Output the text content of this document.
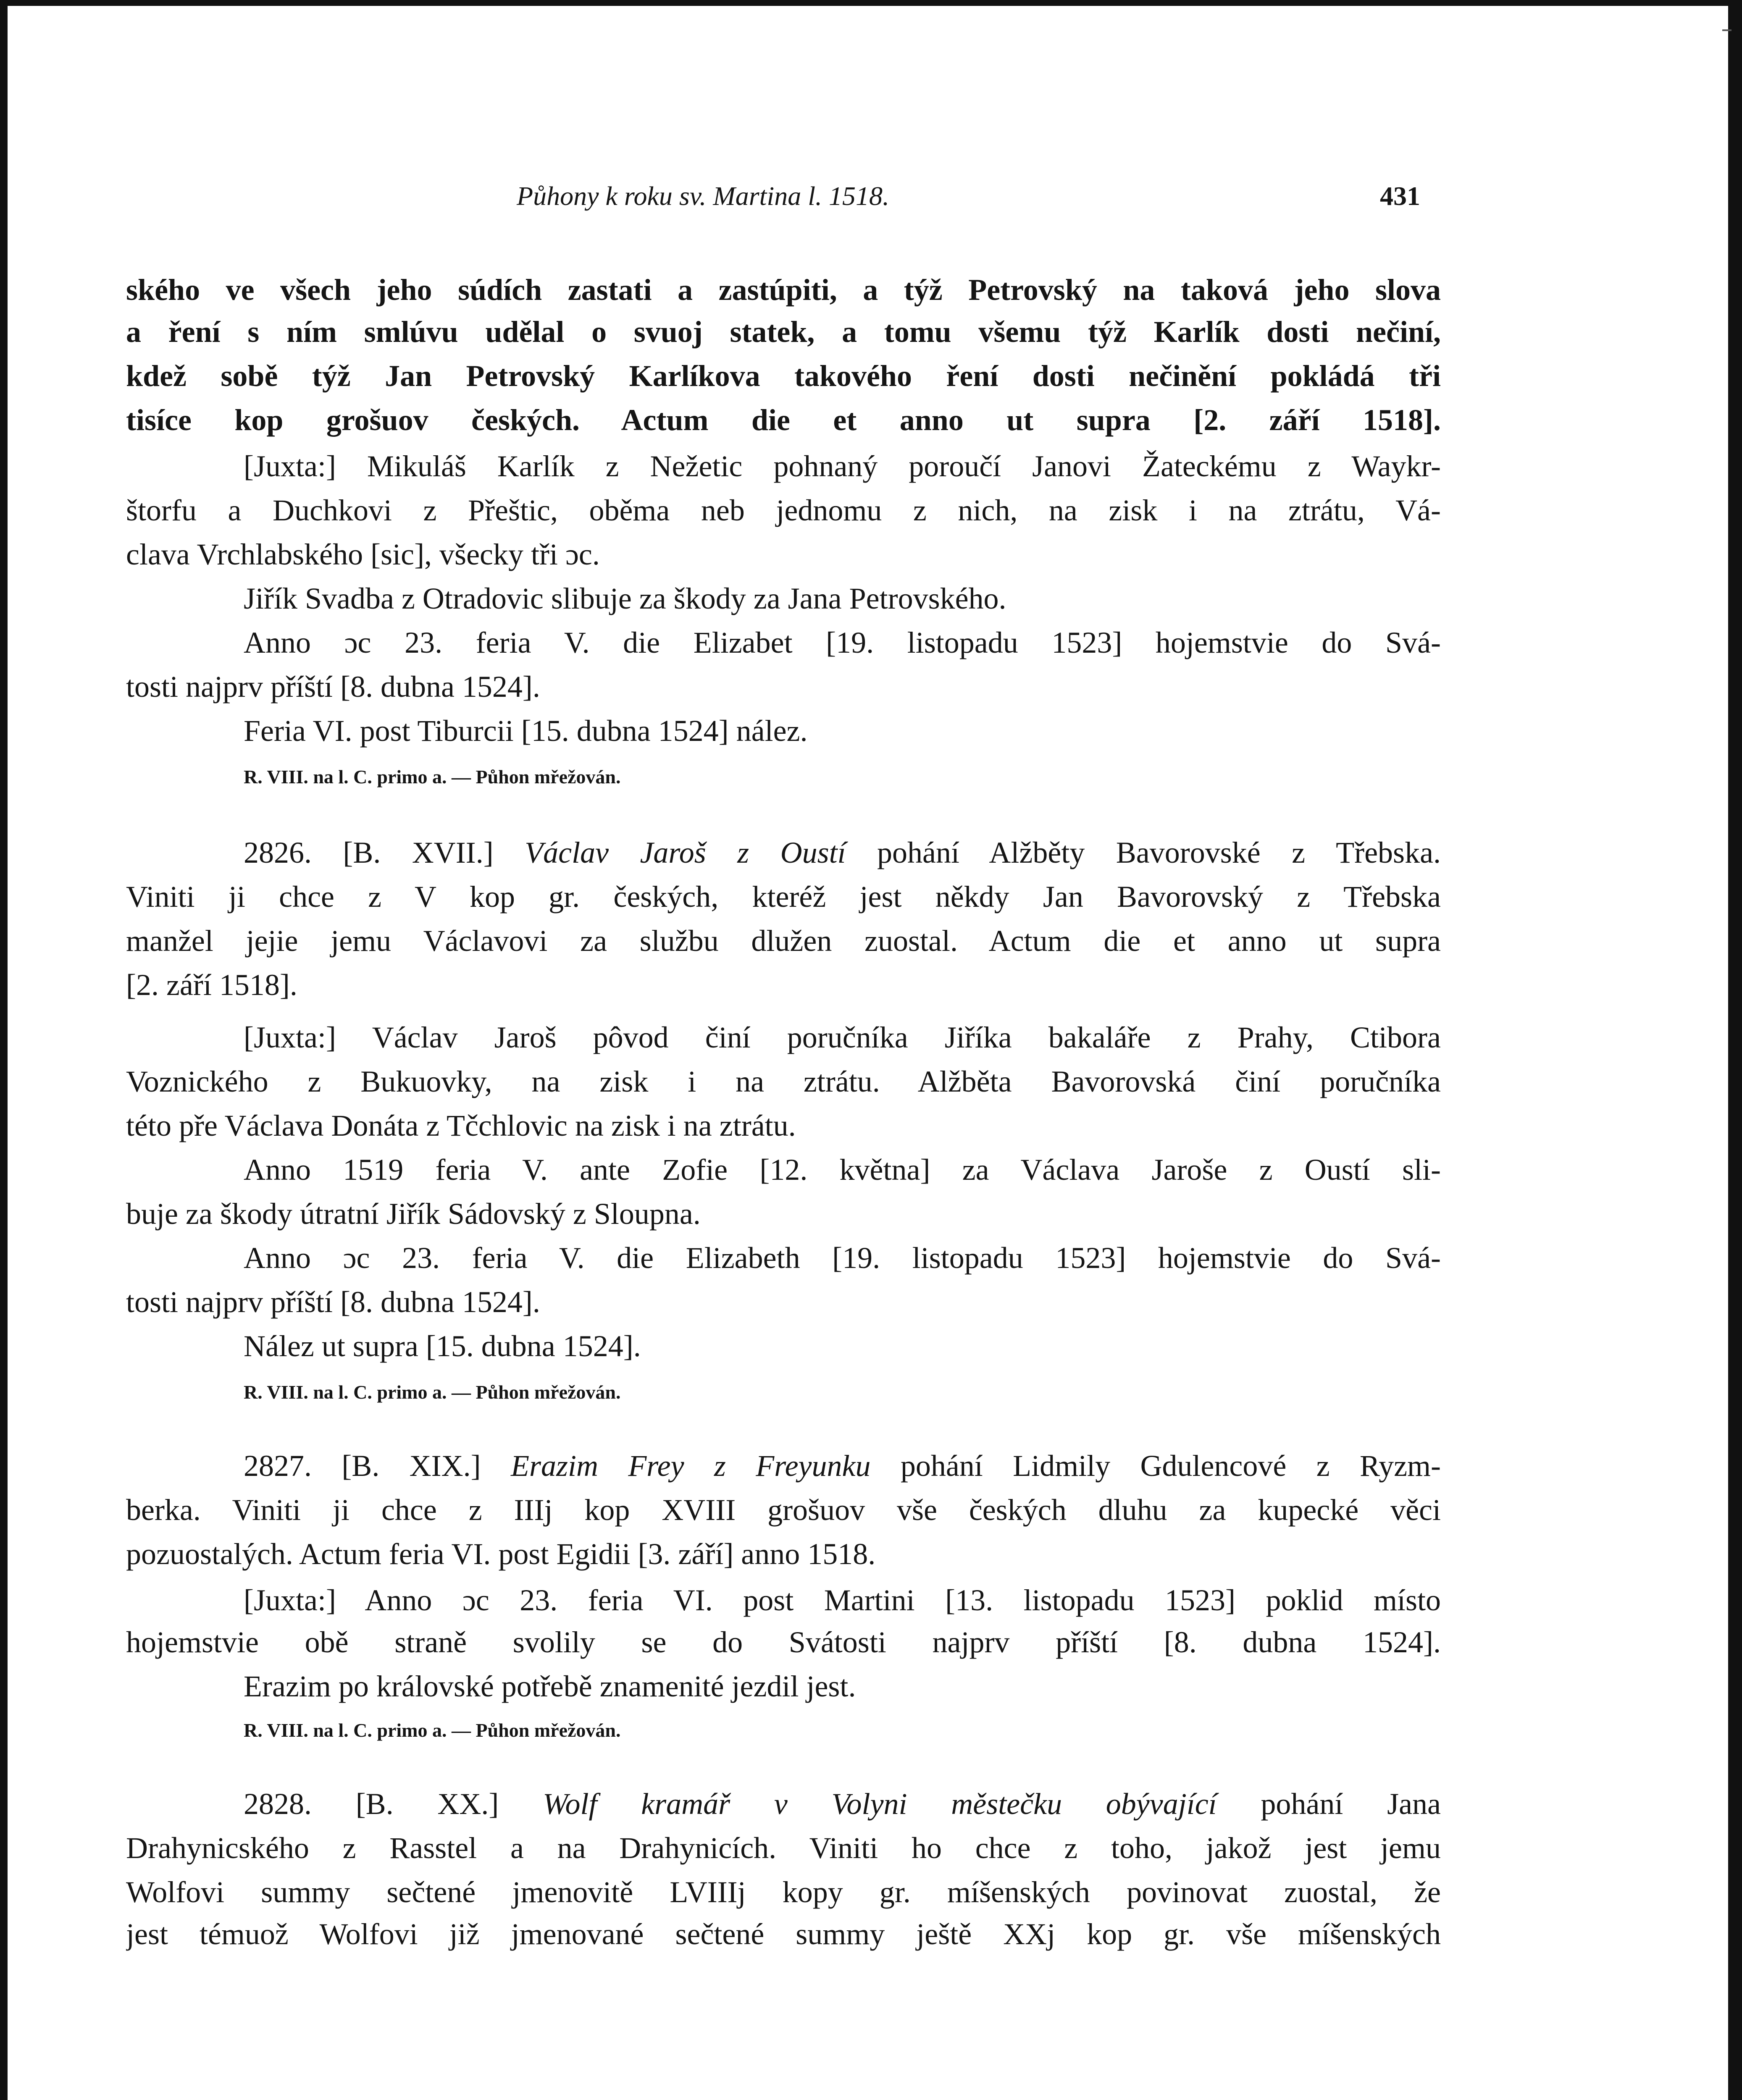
Půhony k roku sv. Martina l. 1518.	431
ského ve všech jeho súdích zastati a zastúpiti, a týž Petrovský na taková jeho slova
a ření s ním smlúvu udělal o svuoj statek, a tomu všemu týž Karlík dosti nečiní,
kdež sobě týž Jan Petrovský Karlíkova takového ření dosti nečinění pokládá tři
tisíce kop grošuov českých. Actum die et anno ut supra [2. září 1518].
[Juxta:] Mikuláš Karlík z Nežetic pohnaný poroučí Janovi Žateckému z Waykr-
štorfu a Duchkovi z Přeštic, oběma neb jednomu z nich, na zisk i na ztrátu, Vá-
clava Vrchlabského [sic], všecky tři ɔc.
Jiřík Svadba z Otradovic slibuje za škody za Jana Petrovského.
Anno ɔc 23. feria V. die Elizabet [19. listopadu 1523] hojemstvie do Svá-
tosti najprv příští [8. dubna 1524].
Feria VI. post Tiburcii [15. dubna 1524] nález.
R. VIII. na l. C. primo a. — Půhon mřežován.
2826. [B. XVII.] Václav Jaroš z Oustí pohání Alžběty Bavorovské z Třebska.
Viniti ji chce z V kop gr. českých, kteréž jest někdy Jan Bavorovský z Třebska
manžel jejie jemu Václavovi za službu dlužen zuostal. Actum die et anno ut supra
[2. září 1518].
[Juxta:] Václav Jaroš pôvod činí poručníka Jiříka bakaláře z Prahy, Ctibora
Voznického z Bukuovky, na zisk i na ztrátu. Alžběta Bavorovská činí poručníka
této pře Václava Donáta z Tčchlovic na zisk i na ztrátu.
Anno 1519 feria V. ante Zofie [12. května] za Václava Jaroše z Oustí sli-
buje za škody útratní Jiřík Sádovský z Sloupna.
Anno ɔc 23. feria V. die Elizabeth [19. listopadu 1523] hojemstvie do Svá-
tosti najprv příští [8. dubna 1524].
Nález ut supra [15. dubna 1524].
R. VIII. na l. C. primo a. — Půhon mřežován.
2827. [B. XIX.] Erazim Frey z Freyunku pohání Lidmily Gdulencové z Ryzm-
berka. Viniti ji chce z IIIj kop XVIII grošuov vše českých dluhu za kupecké věci
pozuostalých. Actum feria VI. post Egidii [3. září] anno 1518.
[Juxta:] Anno ɔc 23. feria VI. post Martini [13. listopadu 1523] poklid místo
hojemstvie obě straně svolily se do Svátosti najprv příští [8. dubna 1524].
Erazim po královské potřebě znamenité jezdil jest.
R. VIII. na l. C. primo a. — Půhon mřežován.
2828. [B. XX.] Wolf kramář v Volyni městečku obývající pohání Jana
Drahynicského z Rasstel a na Drahynicích. Viniti ho chce z toho, jakož jest jemu
Wolfovi summy sečtené jmenovitě LVIIIj kopy gr. míšenských povinovat zuostal, že
jest témuož Wolfovi již jmenované sečtené summy ještě XXj kop gr. vše míšenských
